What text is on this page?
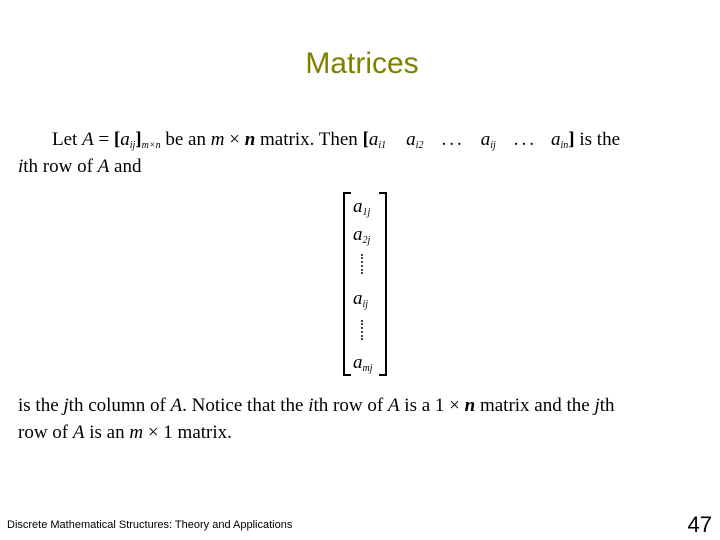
Matrices
Let $A = [a_{ij}]_{m\times n}$ be an m × n matrix. Then [$a_{i1}$ $a_{i2}$ ... $a_{ij}$ ... $a_{in}$] is the
ith row of A and
$a_{1j}$
$a_{2j}$
$a_{ij}$
$a_{mj}$
is the jth column of A. Notice that the ith row of A is a 1 × n matrix and the jth
row of A is an m × 1 matrix.
Discrete Mathematical Structures: Theory and Applications	47
